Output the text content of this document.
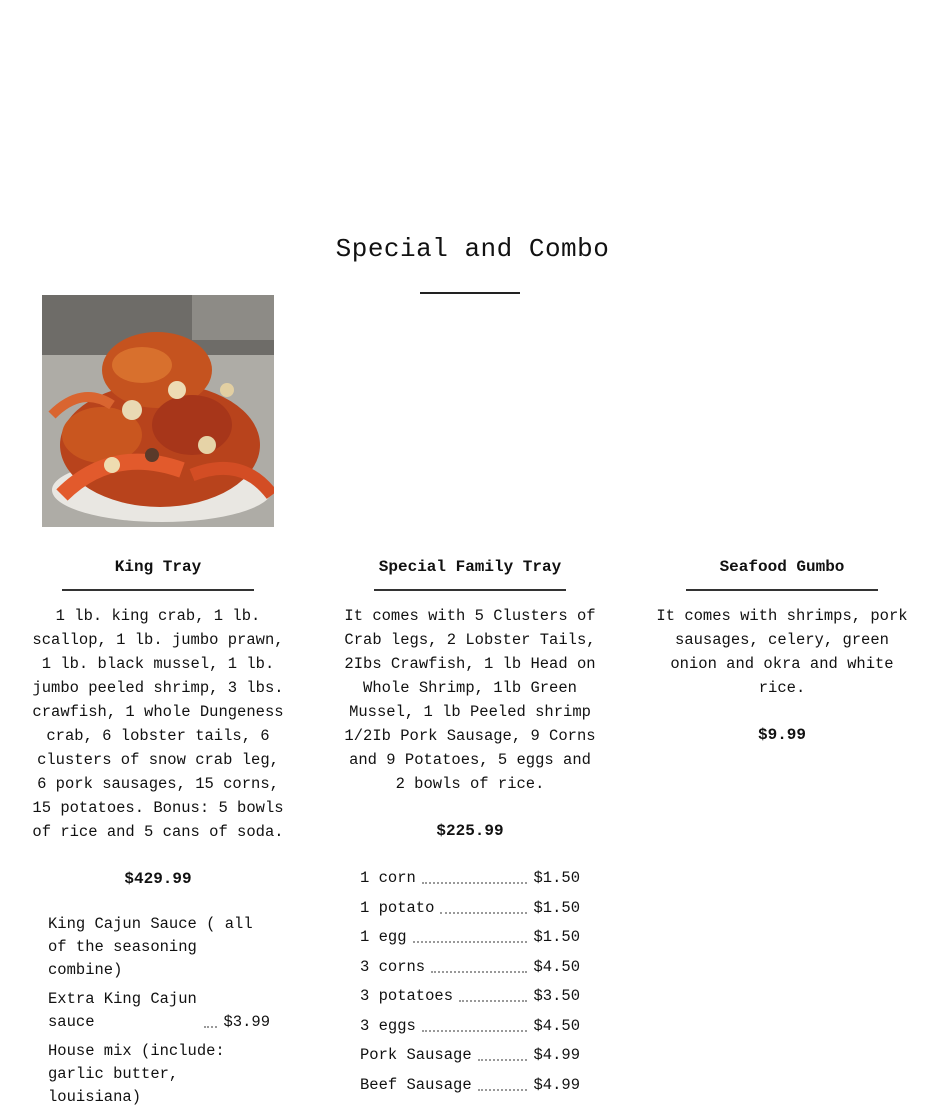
Special and Combo
King Tray
1 lb. king crab, 1 lb. scallop, 1 lb. jumbo prawn, 1 lb. black mussel, 1 lb. jumbo peeled shrimp, 3 lbs. crawfish, 1 whole Dungeness crab, 6 lobster tails, 6 clusters of snow crab leg, 6 pork sausages, 15 corns, 15 potatoes. Bonus: 5 bowls of rice and 5 cans of soda.
$429.99
King Cajun Sauce ( all of the seasoning combine)
Extra King Cajun sauce	$3.99
House mix (include: garlic butter, louisiana)
Special Family Tray
It comes with 5 Clusters of Crab legs, 2 Lobster Tails, 2Ibs Crawfish, 1 lb Head on Whole Shrimp, 1lb Green Mussel, 1 lb Peeled shrimp 1/2Ib Pork Sausage, 9 Corns and 9 Potatoes, 5 eggs and 2 bowls of rice.
$225.99
1 corn	$1.50
1 potato	$1.50
1 egg	$1.50
3 corns	$4.50
3 potatoes	$3.50
3 eggs	$4.50
Pork Sausage	$4.99
Beef Sausage	$4.99
Seafood Gumbo
It comes with shrimps, pork sausages, celery, green onion and okra and white rice.
$9.99
